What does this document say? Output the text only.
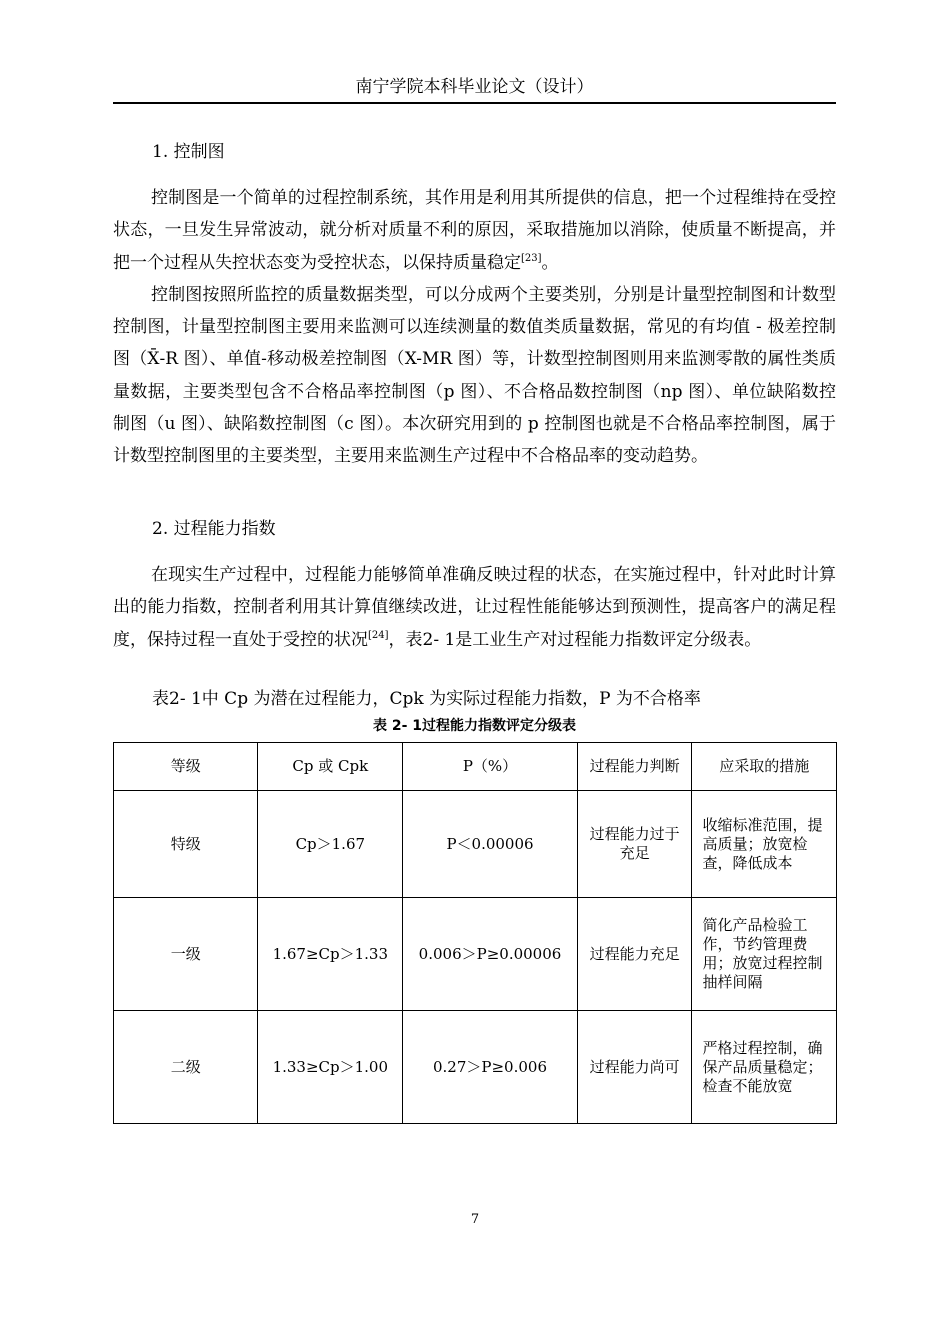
南宁学院本科毕业论文（设计）
1. 控制图

控制图是一个简单的过程控制系统，其作用是利用其所提供的信息，把一个过程维持在受控状态，一旦发生异常波动，就分析对质量不利的原因，采取措施加以消除，使质量不断提高，并把一个过程从失控状态变为受控状态，以保持质量稳定[23]。

控制图按照所监控的质量数据类型，可以分成两个主要类别，分别是计量型控制图和计数型控制图，计量型控制图主要用来监测可以连续测量的数值类质量数据，常见的有均值 - 极差控制图（X̄-R 图）、单值-移动极差控制图（X-MR 图）等，计数型控制图则用来监测零散的属性类质量数据，主要类型包含不合格品率控制图（p 图）、不合格品数控制图（np 图）、单位缺陷数控制图（u 图）、缺陷数控制图（c 图）。本次研究用到的 p 控制图也就是不合格品率控制图，属于计数型控制图里的主要类型，主要用来监测生产过程中不合格品率的变动趋势。

2. 过程能力指数

在现实生产过程中，过程能力能够简单准确反映过程的状态，在实施过程中，针对此时计算出的能力指数，控制者利用其计算值继续改进，让过程性能能够达到预测性，提高客户的满足程度，保持过程一直处于受控的状况[24]，表2- 1是工业生产对过程能力指数评定分级表。

表2- 1中 Cp 为潜在过程能力，Cpk 为实际过程能力指数，P 为不合格率
表 2- 1过程能力指数评定分级表
等级	Cp 或 Cpk	P（%）	过程能力判断	应采取的措施
特级	Cp＞1.67	P＜0.00006	过程能力过于充足	收缩标准范围，提高质量；放宽检查，降低成本
一级	1.67≥Cp＞1.33	0.006＞P≥0.00006	过程能力充足	简化产品检验工作，节约管理费用；放宽过程控制抽样间隔
二级	1.33≥Cp＞1.00	0.27＞P≥0.006	过程能力尚可	严格过程控制，确保产品质量稳定；检查不能放宽
7
